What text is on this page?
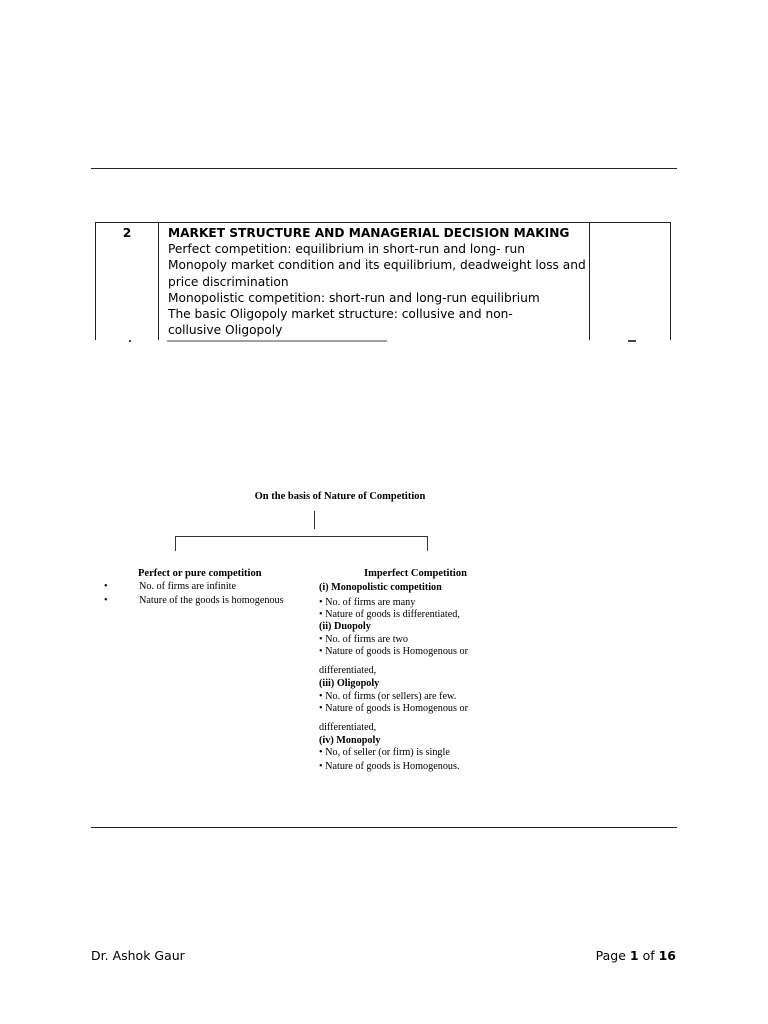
2	MARKET STRUCTURE AND MANAGERIAL DECISION MAKING
Perfect competition: equilibrium in short-run and long- run
Monopoly market condition and its equilibrium, deadweight loss and
price discrimination
Monopolistic competition: short-run and long-run equilibrium
The basic Oligopoly market structure: collusive and non-
collusive Oligopoly
On the basis of Nature of Competition
Perfect or pure competition
•	No. of firms are infinite
•	Nature of the goods is homogenous
Imperfect Competition
(i) Monopolistic competition
• No. of firms are many
• Nature of goods is differentiated,
(ii) Duopoly
• No. of firms are two
• Nature of goods is Homogenous or
differentiated,
(iii) Oligopoly
• No. of firms (or sellers) are few.
• Nature of goods is Homogenous or
differentiated,
(iv) Monopoly
• No, of seller (or firm) is single
• Nature of goods is Homogenous.
Dr. Ashok Gaur	Page 1 of 16
